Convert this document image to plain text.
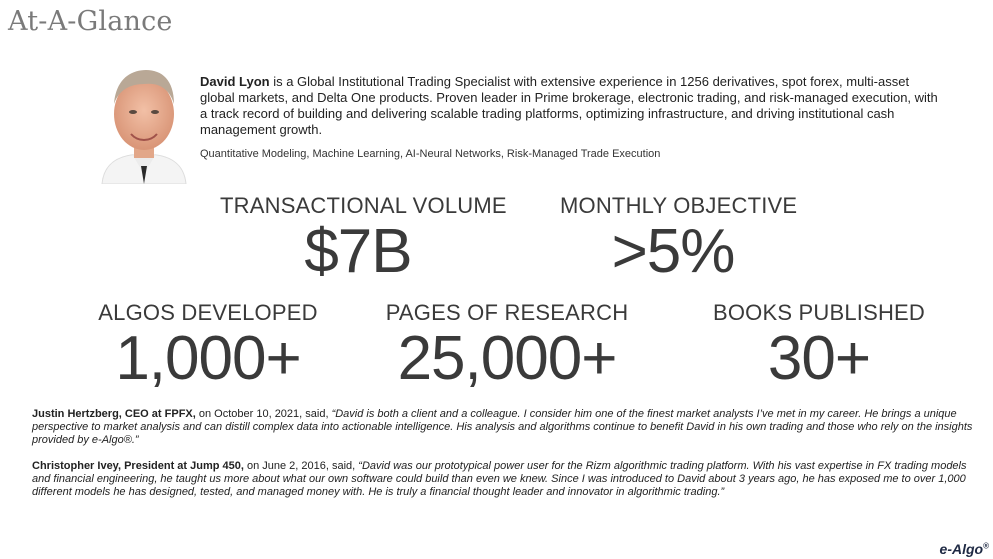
At-A-Glance
David Lyon is a Global Institutional Trading Specialist with extensive experience in 1256 derivatives, spot forex, multi-asset global markets, and Delta One products. Proven leader in Prime brokerage, electronic trading, and risk-managed execution, with a track record of building and delivering scalable trading platforms, optimizing infrastructure, and driving institutional cash management growth.
Quantitative Modeling, Machine Learning, AI-Neural Networks, Risk-Managed Trade Execution
TRANSACTIONAL VOLUME
$7B
MONTHLY OBJECTIVE
>5%
ALGOS DEVELOPED
1,000+
PAGES OF RESEARCH
25,000+
BOOKS PUBLISHED
30+
Justin Hertzberg, CEO at FPFX, on October 10, 2021, said, “David is both a client and a colleague. I consider him one of the finest market analysts I’ve met in my career. He brings a unique perspective to market analysis and can distill complex data into actionable intelligence. His analysis and algorithms continue to benefit David in his own trading and those who rely on the insights provided by e-Algo®.”
Christopher Ivey, President at Jump 450, on June 2, 2016, said, “David was our prototypical power user for the Rizm algorithmic trading platform. With his vast expertise in FX trading models and financial engineering, he taught us more about what our own software could build than even we knew. Since I was introduced to David about 3 years ago, he has exposed me to over 1,000 different models he has designed, tested, and managed money with. He is truly a financial thought leader and innovator in algorithmic trading.”
e-Algo®
